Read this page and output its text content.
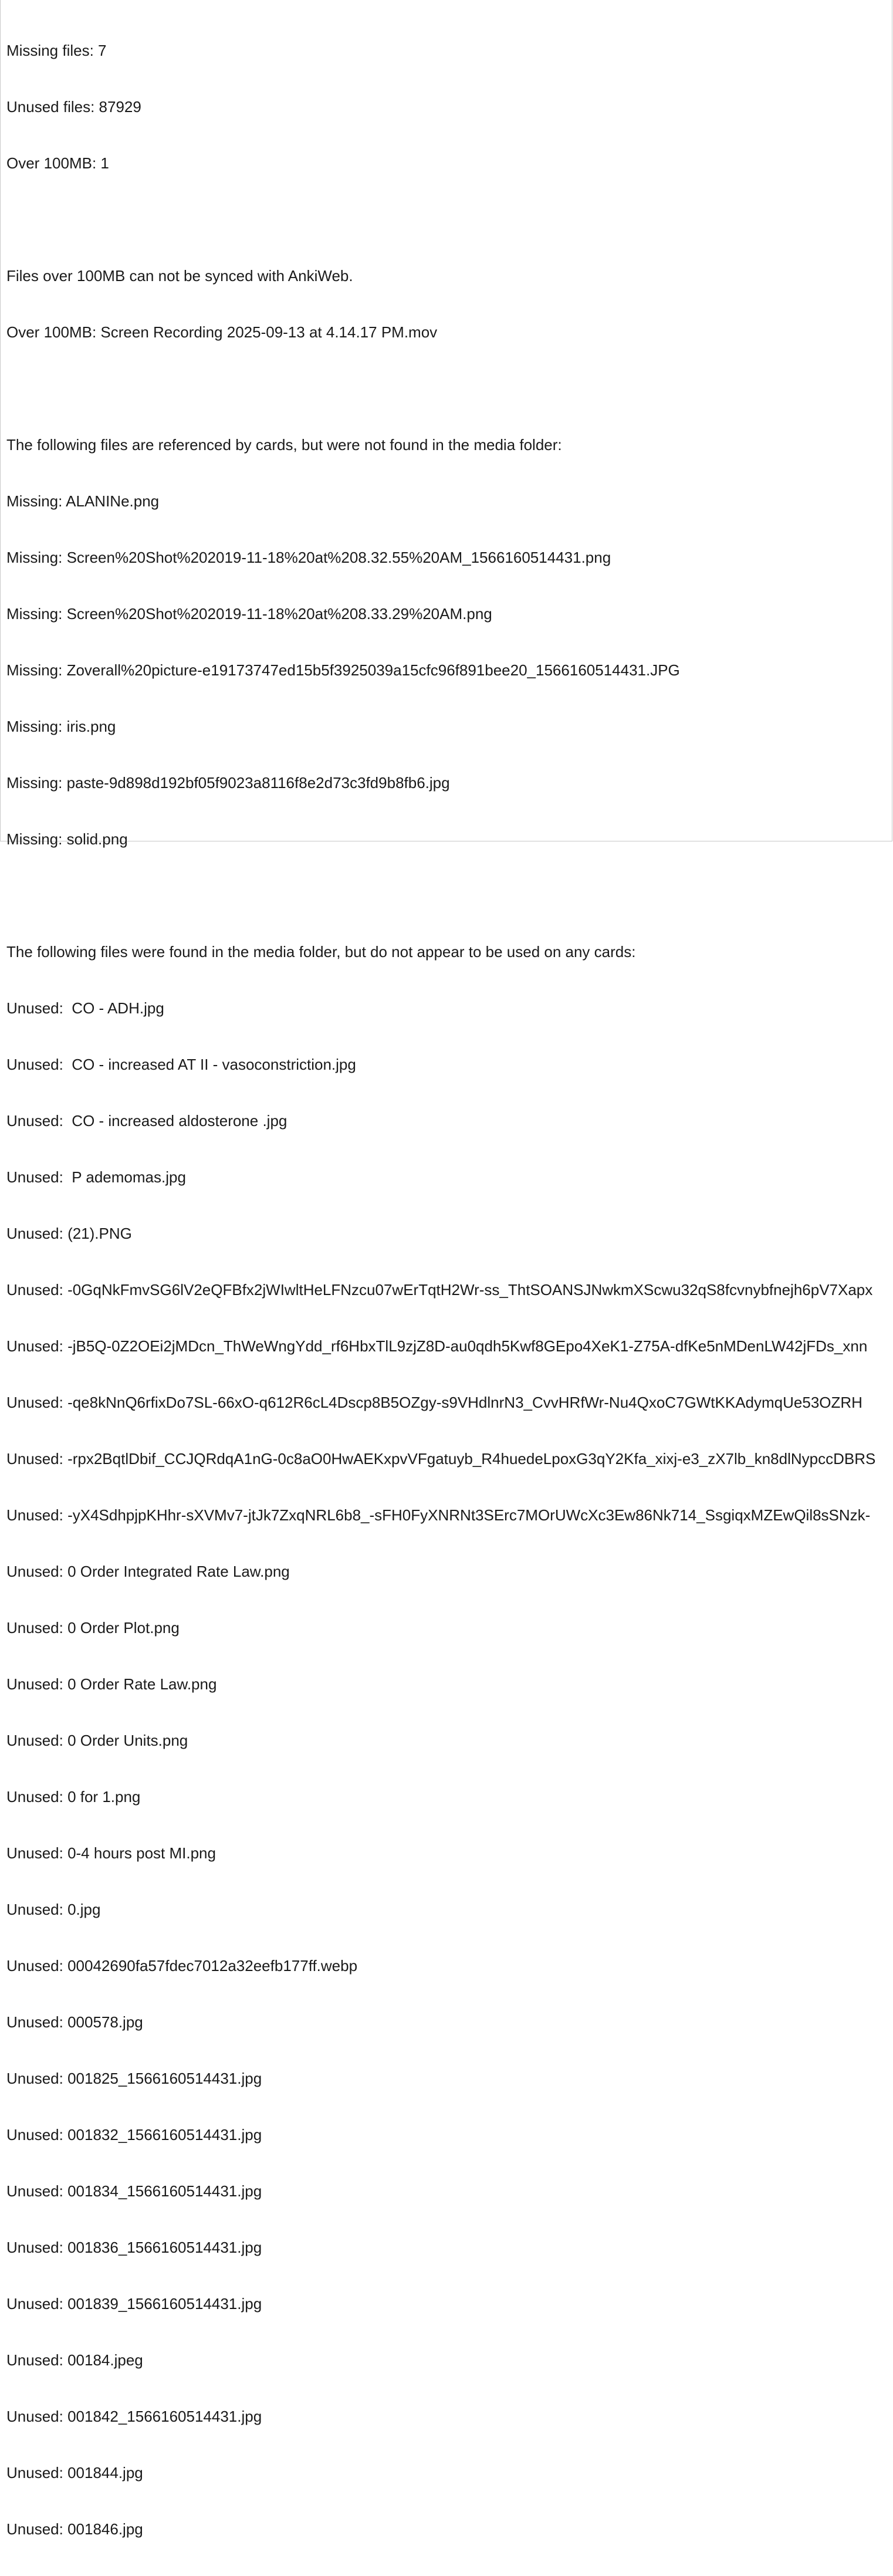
Missing files: 7

Unused files: 87929

Over 100MB: 1

Files over 100MB can not be synced with AnkiWeb.

Over 100MB: Screen Recording 2025-09-13 at 4.14.17 PM.mov

The following files are referenced by cards, but were not found in the media folder:

Missing: ALANINe.png

Missing: Screen%20Shot%202019-11-18%20at%208.32.55%20AM_1566160514431.png

Missing: Screen%20Shot%202019-11-18%20at%208.33.29%20AM.png

Missing: Zoverall%20picture-e19173747ed15b5f3925039a15cfc96f891bee20_1566160514431.JPG

Missing: iris.png

Missing: paste-9d898d192bf05f9023a8116f8e2d73c3fd9b8fb6.jpg

Missing: solid.png

The following files were found in the media folder, but do not appear to be used on any cards:

Unused:  CO - ADH.jpg

Unused:  CO - increased AT II - vasoconstriction.jpg

Unused:  CO - increased aldosterone .jpg

Unused:  P ademomas.jpg

Unused: (21).PNG

Unused: -0GqNkFmvSG6lV2eQFBfx2jWIwltHeLFNzcu07wErTqtH2Wr-ss_ThtSOANSJNwkmXScwu32qS8fcvnybfnejh6pV7Xapx

Unused: -jB5Q-0Z2OEi2jMDcn_ThWeWngYdd_rf6HbxTlL9zjZ8D-au0qdh5Kwf8GEpo4XeK1-Z75A-dfKe5nMDenLW42jFDs_xnn

Unused: -qe8kNnQ6rfixDo7SL-66xO-q612R6cL4Dscp8B5OZgy-s9VHdlnrN3_CvvHRfWr-Nu4QxoC7GWtKKAdymqUe53OZRH

Unused: -rpx2BqtlDbif_CCJQRdqA1nG-0c8aO0HwAEKxpvVFgatuyb_R4huedeLpoxG3qY2Kfa_xixj-e3_zX7lb_kn8dlNypccDBRS

Unused: -yX4SdhpjpKHhr-sXVMv7-jtJk7ZxqNRL6b8_-sFH0FyXNRNt3SErc7MOrUWcXc3Ew86Nk714_SsgiqxMZEwQil8sSNzk-

Unused: 0 Order Integrated Rate Law.png

Unused: 0 Order Plot.png

Unused: 0 Order Rate Law.png

Unused: 0 Order Units.png

Unused: 0 for 1.png

Unused: 0-4 hours post MI.png

Unused: 0.jpg

Unused: 00042690fa57fdec7012a32eefb177ff.webp

Unused: 000578.jpg

Unused: 001825_1566160514431.jpg

Unused: 001832_1566160514431.jpg

Unused: 001834_1566160514431.jpg

Unused: 001836_1566160514431.jpg

Unused: 001839_1566160514431.jpg

Unused: 00184.jpeg

Unused: 001842_1566160514431.jpg

Unused: 001844.jpg

Unused: 001846.jpg
